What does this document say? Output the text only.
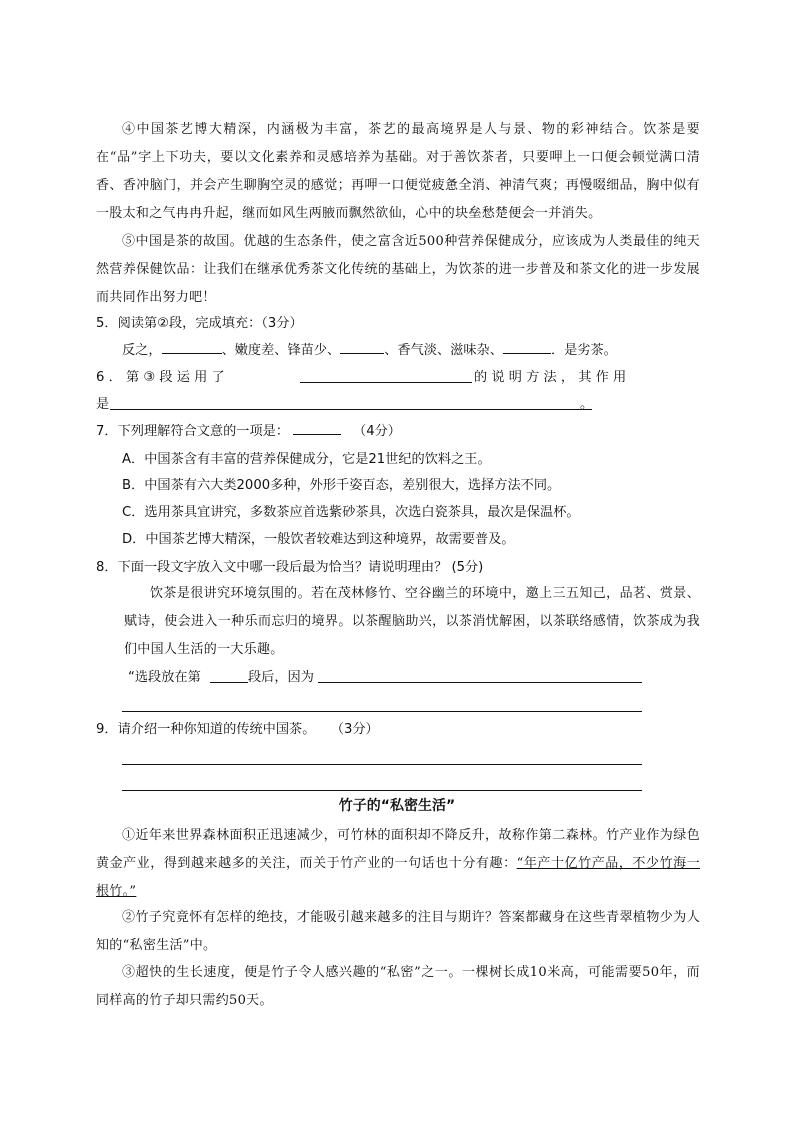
④中国茶艺博大精深，内涵极为丰富，茶艺的最高境界是人与景、物的彩神结合。饮茶是要在“品”字上下功夫，要以文化素养和灵感培养为基础。对于善饮茶者，只要呷上一口便会顿觉满口清香、香冲脑门，并会产生聊胸空灵的感觉；再呷一口便觉疲惫全消、神清气爽；再慢啜细品，胸中似有一股太和之气冉冉升起，继而如风生两腋而飘然欲仙，心中的块垒愁楚便会一并消失。

⑤中国是茶的故国。优越的生态条件，使之富含近500种营养保健成分，应该成为人类最佳的纯天然营养保健饮品：让我们在继承优秀茶文化传统的基础上，为饮茶的进一步普及和茶文化的进一步发展而共同作出努力吧！

5．阅读第②段，完成填充：（3分）

反之，	、嫩度差、锋苗少、	、香气淡、滋味杂、	．是劣茶。

6 ． 第 ③ 段 运 用 了	的 说 明 方 法 ， 其 作 用
是	。
7．下列理解符合文意的一项是：	（4分）

A．中国茶含有丰富的营养保健成分，它是21世纪的饮料之王。

B．中国茶有六大类2000多种，外形千姿百态，差别很大，选择方法不同。

C．选用茶具宜讲究，多数茶应首选紫砂茶具，次选白瓷茶具，最次是保温杯。

D．中国茶艺博大精深，一般饮者较难达到这种境界，故需要普及。

8．下面一段文字放入文中哪一段后最为恰当？请说明理由？ (5分)

饮茶是很讲究环境氛围的。若在茂林修竹、空谷幽兰的环境中，邀上三五知己，品茗、赏景、赋诗，使会进入一种乐而忘归的境界。以茶醒脑助兴，以茶消忧解困，以茶联络感情，饮茶成为我们中国人生活的一大乐趣。

“选段放在第	段后，因为
9．请介绍一种你知道的传统中国茶。 （3分）
竹子的“私密生活”

①近年来世界森林面积正迅速减少，可竹林的面积却不降反升，故称作第二森林。竹产业作为绿色黄金产业，得到越来越多的关注，而关于竹产业的一句话也十分有趣：“年产十亿竹产品，不少竹海一根竹。”

②竹子究竟怀有怎样的绝技，才能吸引越来越多的注目与期许？答案都藏身在这些青翠植物少为人知的“私密生活”中。

③超快的生长速度，便是竹子令人感兴趣的“私密”之一。一棵树长成10米高，可能需要50年，而同样高的竹子却只需约50天。
